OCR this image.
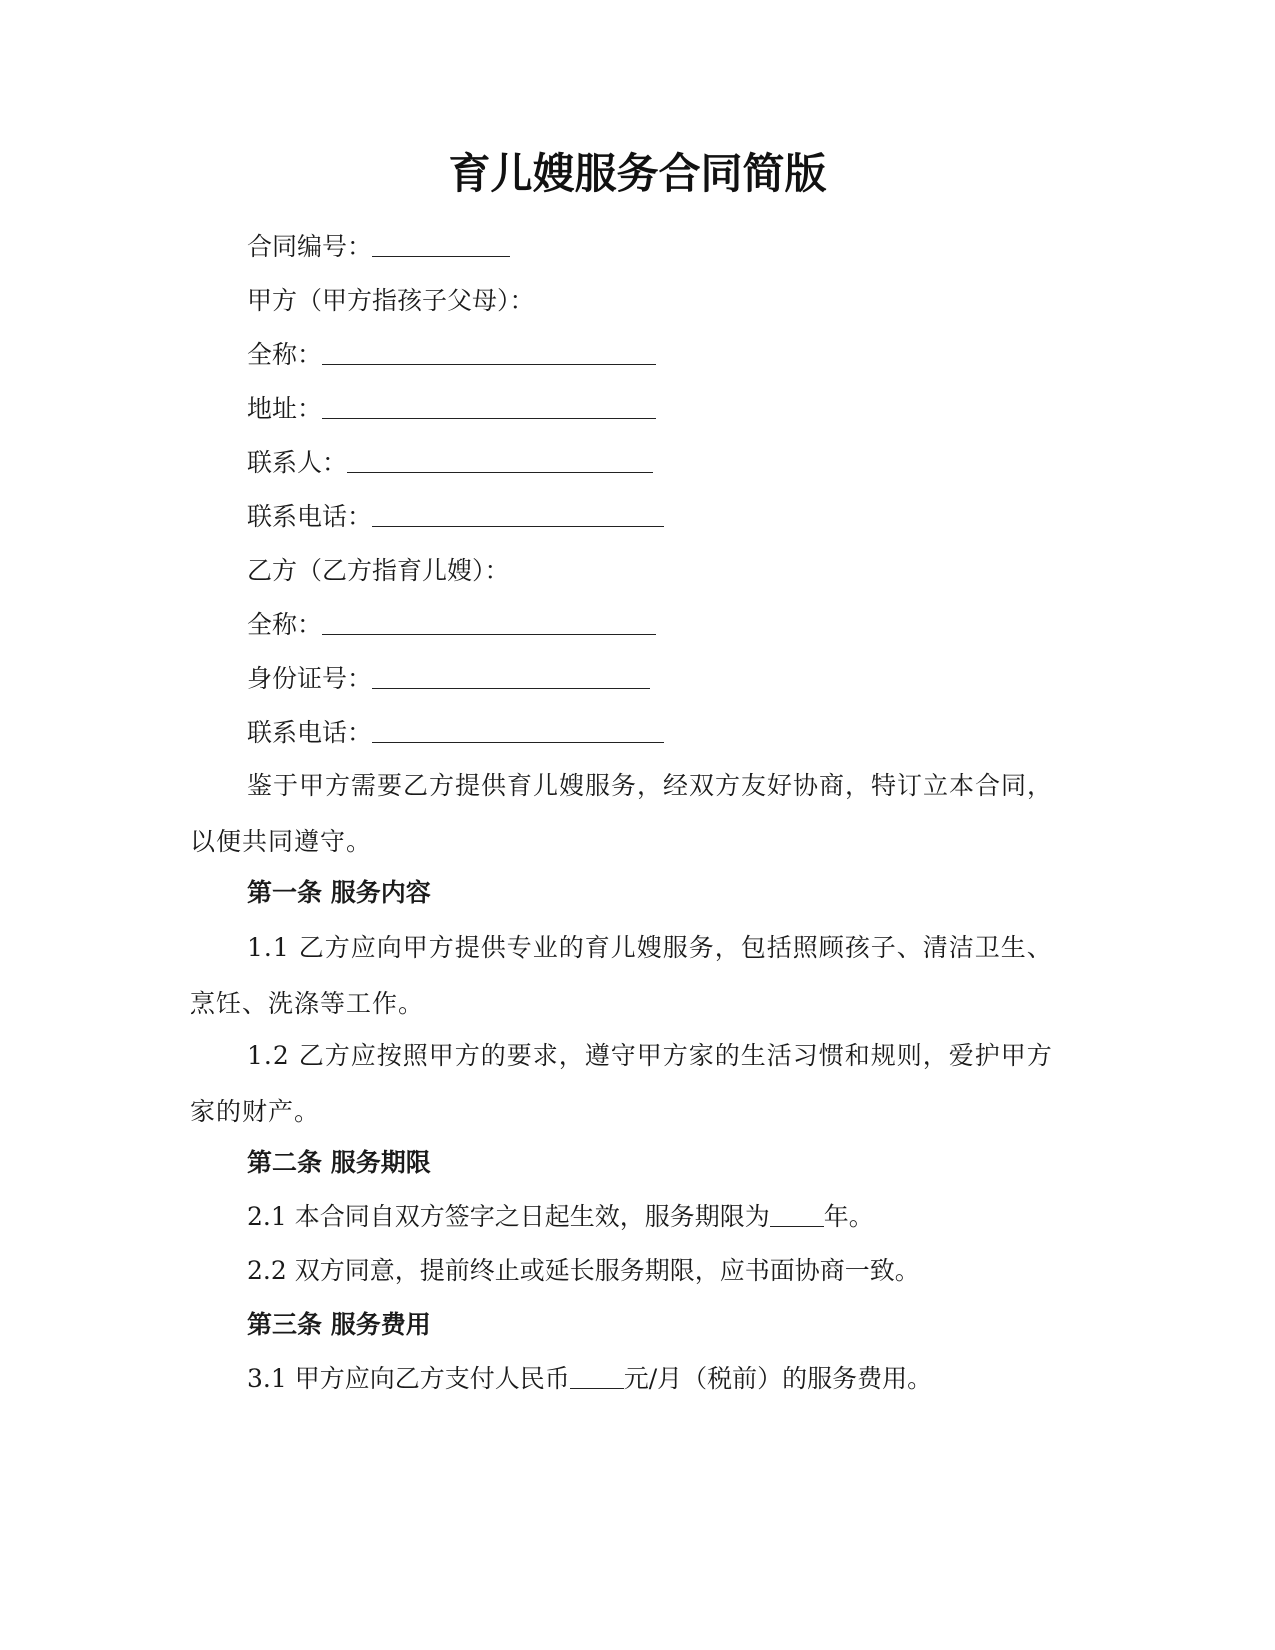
育儿嫂服务合同简版
合同编号：
甲方（甲方指孩子父母）：
全称：
地址：
联系人：
联系电话：
乙方（乙方指育儿嫂）：
全称：
身份证号：
联系电话：
鉴于甲方需要乙方提供育儿嫂服务，经双方友好协商，特订立本合同，以便共同遵守。
第一条 服务内容
1.1 乙方应向甲方提供专业的育儿嫂服务，包括照顾孩子、清洁卫生、烹饪、洗涤等工作。
1.2 乙方应按照甲方的要求，遵守甲方家的生活习惯和规则，爱护甲方家的财产。
第二条 服务期限
2.1 本合同自双方签字之日起生效，服务期限为 年。
2.2 双方同意，提前终止或延长服务期限，应书面协商一致。
第三条 服务费用
3.1 甲方应向乙方支付人民币 元/月（税前）的服务费用。
